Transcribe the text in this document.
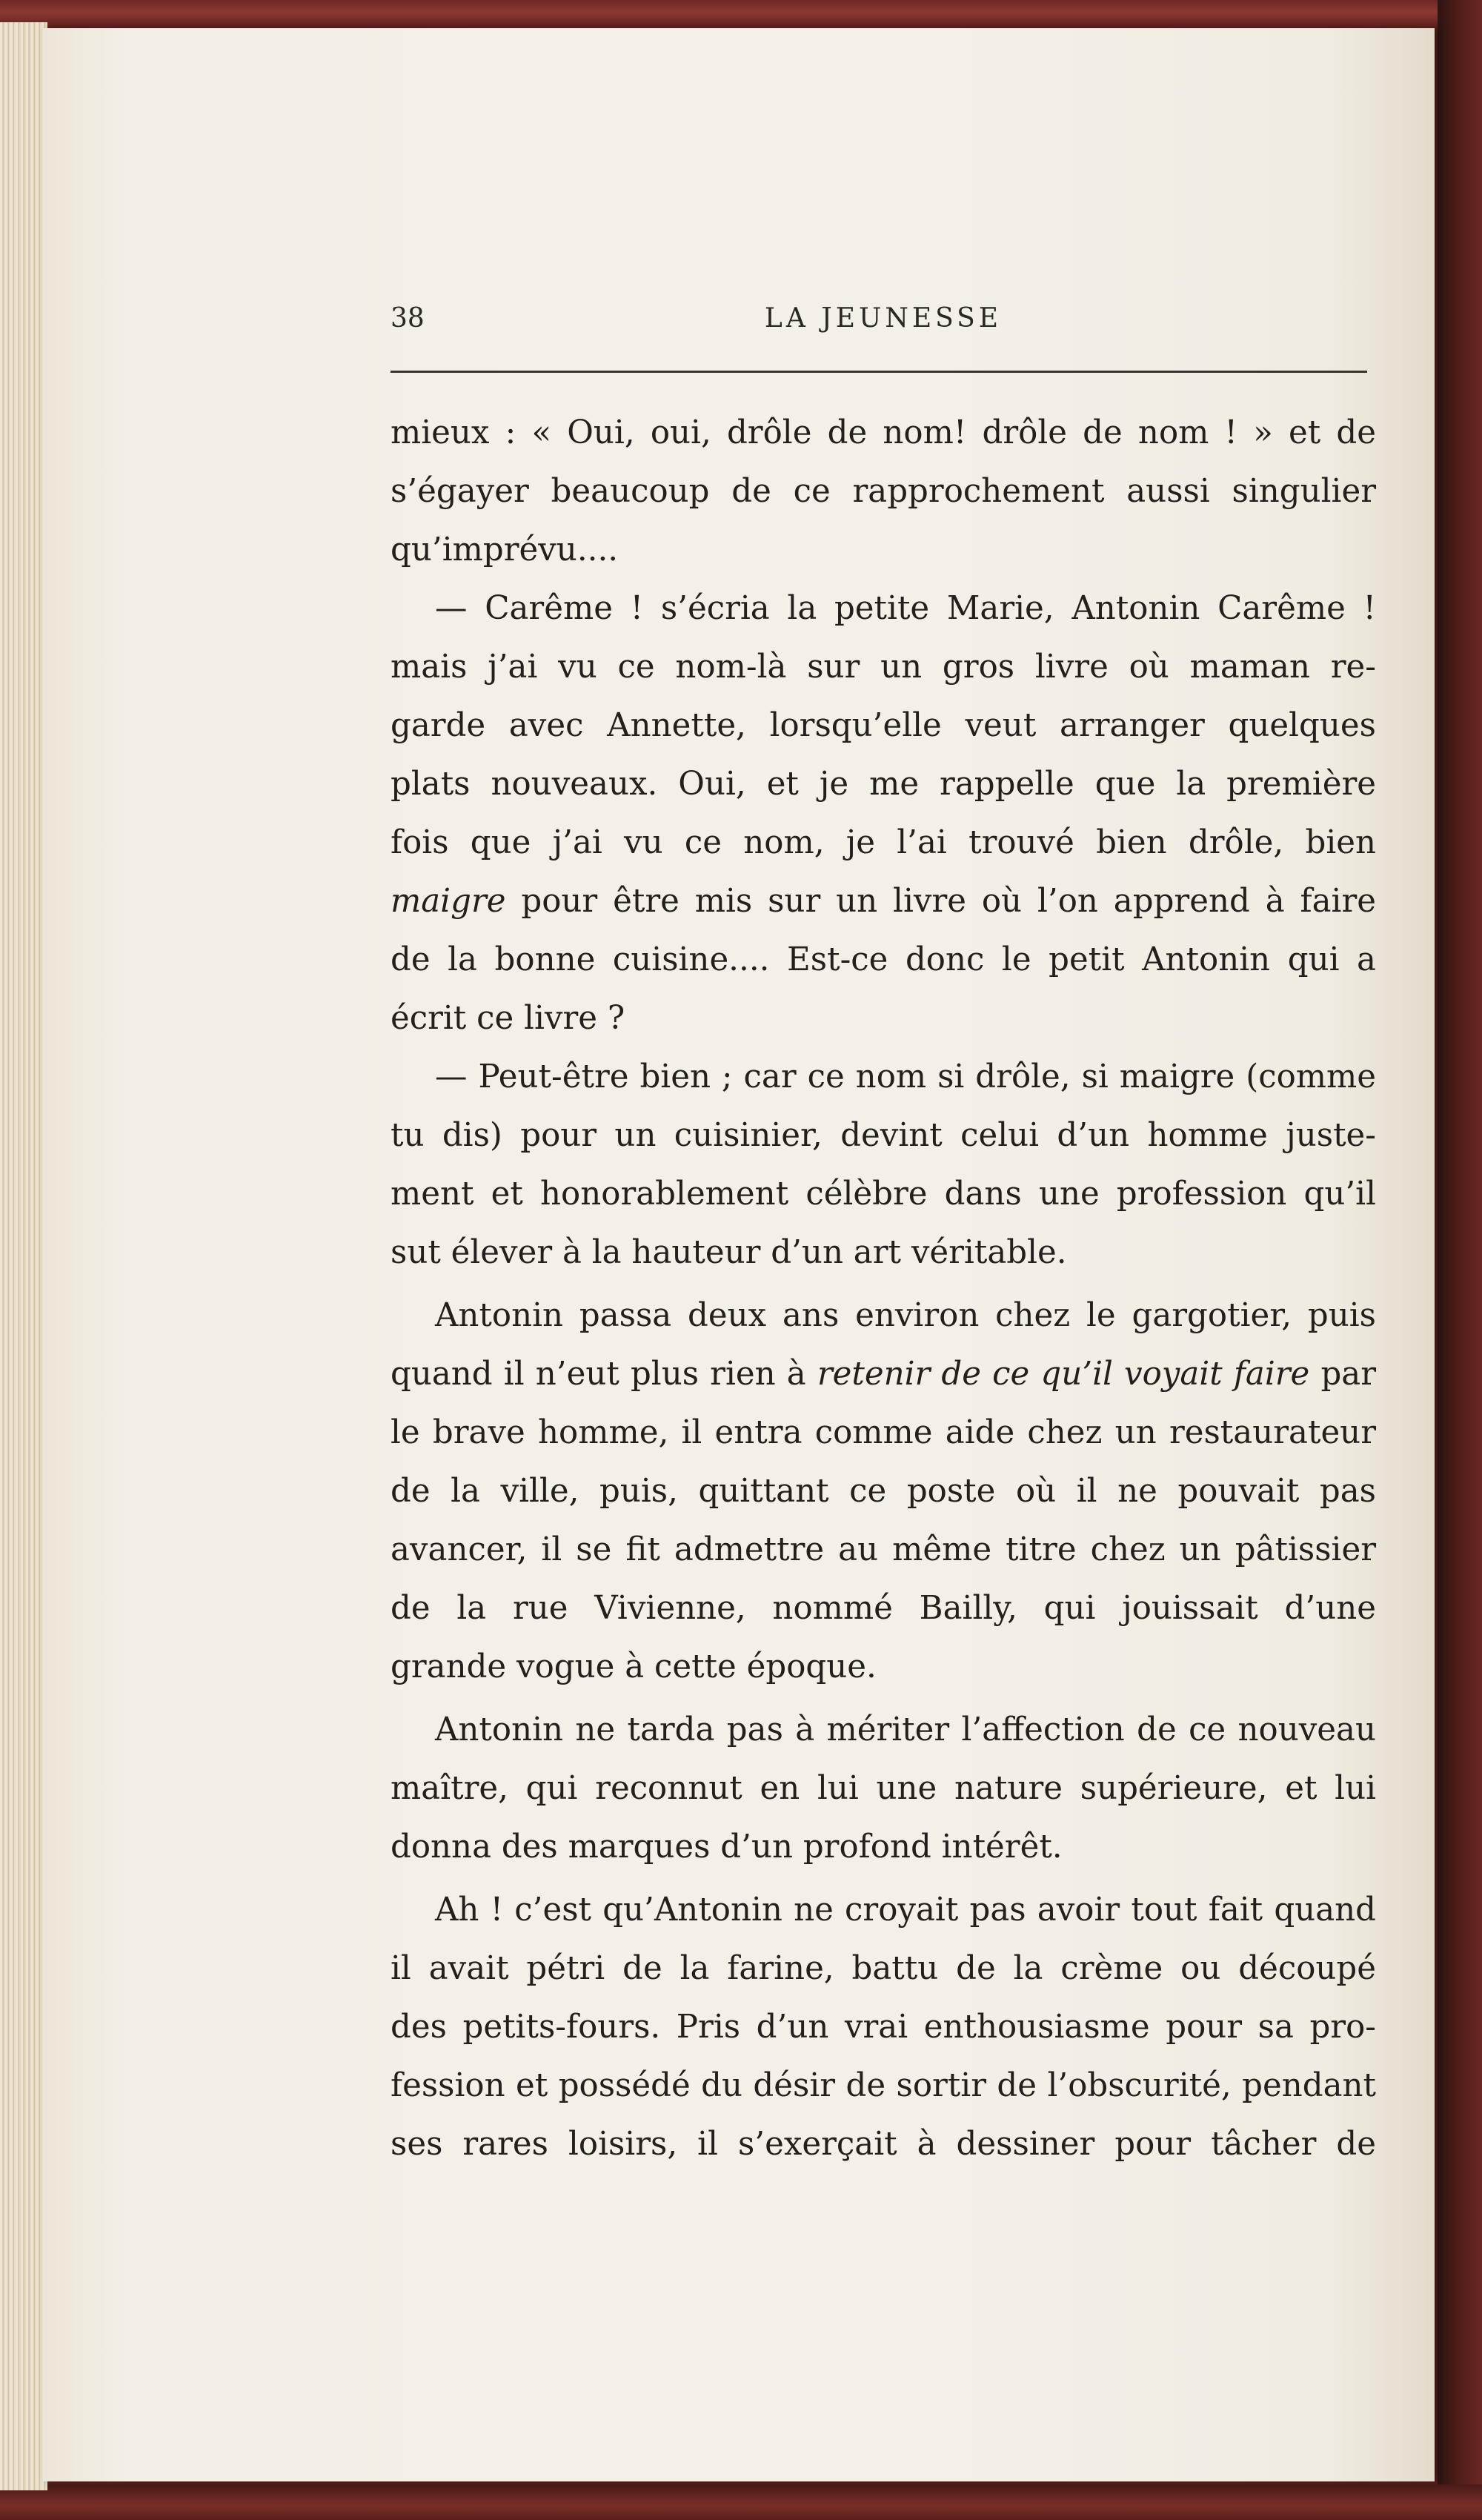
38	LA JEUNESSE
mieux : « Oui, oui, drôle de nom! drôle de nom ! » et de
s’égayer beaucoup de ce rapprochement aussi singulier
qu’imprévu....
— Carême ! s’écria la petite Marie, Antonin Carême !
mais j’ai vu ce nom-là sur un gros livre où maman re-
garde avec Annette, lorsqu’elle veut arranger quelques
plats nouveaux. Oui, et je me rappelle que la première
fois que j’ai vu ce nom, je l’ai trouvé bien drôle, bien
maigre pour être mis sur un livre où l’on apprend à faire
de la bonne cuisine.... Est-ce donc le petit Antonin qui a
écrit ce livre ?
— Peut-être bien ; car ce nom si drôle, si maigre (comme
tu dis) pour un cuisinier, devint celui d’un homme juste-
ment et honorablement célèbre dans une profession qu’il
sut élever à la hauteur d’un art véritable.
Antonin passa deux ans environ chez le gargotier, puis
quand il n’eut plus rien à retenir de ce qu’il voyait faire par
le brave homme, il entra comme aide chez un restaurateur
de la ville, puis, quittant ce poste où il ne pouvait pas
avancer, il se fit admettre au même titre chez un pâtissier
de la rue Vivienne, nommé Bailly, qui jouissait d’une
grande vogue à cette époque.
Antonin ne tarda pas à mériter l’affection de ce nouveau
maître, qui reconnut en lui une nature supérieure, et lui
donna des marques d’un profond intérêt.
Ah ! c’est qu’Antonin ne croyait pas avoir tout fait quand
il avait pétri de la farine, battu de la crème ou découpé
des petits-fours. Pris d’un vrai enthousiasme pour sa pro-
fession et possédé du désir de sortir de l’obscurité, pendant
ses rares loisirs, il s’exerçait à dessiner pour tâcher de
